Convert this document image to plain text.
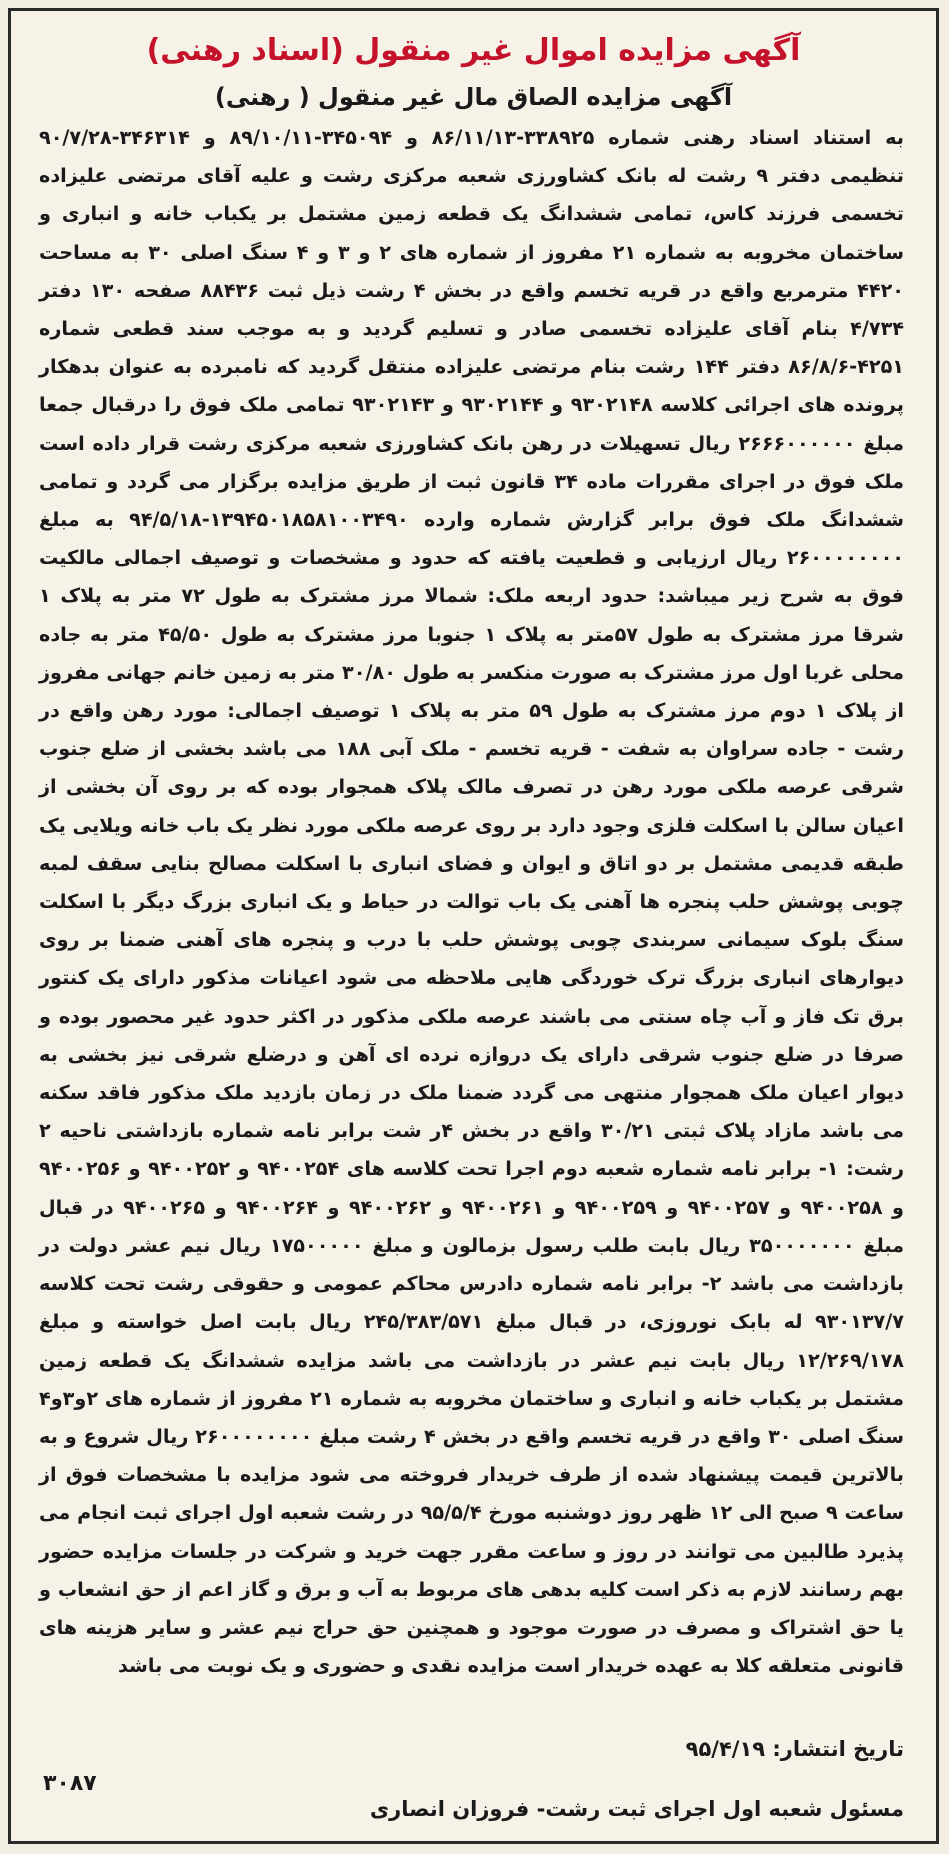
آگهی مزایده اموال غیر منقول (اسناد رهنی)
آگهی مزایده الصاق مال غیر منقول ( رهنی)
به استناد اسناد رهنی شماره ۳۳۸۹۲۵-۸۶/۱۱/۱۳ و ۳۴۵۰۹۴-۸۹/۱۰/۱۱ و ۳۴۶۳۱۴-۹۰/۷/۲۸ تنظیمی دفتر ۹ رشت له بانک کشاورزی شعبه مرکزی رشت و علیه آقای مرتضی علیزاده تخسمی فرزند کاس، تمامی ششدانگ یک قطعه زمین مشتمل بر یکباب خانه و انباری و ساختمان مخروبه به شماره ۲۱ مفروز از شماره های ۲ و ۳ و ۴ سنگ اصلی ۳۰ به مساحت ۴۴۲۰ مترمربع واقع در قریه تخسم واقع در بخش ۴ رشت ذیل ثبت ۸۸۴۳۶ صفحه ۱۳۰ دفتر ۴/۷۳۴ بنام آقای علیزاده تخسمی صادر و تسلیم گردید و به موجب سند قطعی شماره ۴۲۵۱-۸۶/۸/۶ دفتر ۱۴۴ رشت بنام مرتضی علیزاده منتقل گردید که نامبرده به عنوان بدهکار پرونده های اجرائی کلاسه ۹۳۰۲۱۴۸ و ۹۳۰۲۱۴۴ و ۹۳۰۲۱۴۳ تمامی ملک فوق را درقبال جمعا مبلغ ۲۶۶۶۰۰۰۰۰۰ ریال تسهیلات در رهن بانک کشاورزی شعبه مرکزی رشت قرار داده است ملک فوق در اجرای مقررات ماده ۳۴ قانون ثبت از طریق مزایده برگزار می گردد و تمامی ششدانگ ملک فوق برابر گزارش شماره وارده ۱۳۹۴۵۰۱۸۵۸۱۰۰۳۴۹۰-۹۴/۵/۱۸ به مبلغ ۲۶۰۰۰۰۰۰۰۰ ریال ارزیابی و قطعیت یافته که حدود و مشخصات و توصیف اجمالی مالکیت فوق به شرح زیر میباشد: حدود اربعه ملک: شمالا مرز مشترک به طول ۷۲ متر به پلاک ۱ شرقا مرز مشترک به طول ۵۷متر به پلاک ۱ جنوبا مرز مشترک به طول ۴۵/۵۰ متر به جاده محلی غربا اول مرز مشترک به صورت منکسر به طول ۳۰/۸۰ متر به زمین خانم جهانی مفروز از پلاک ۱ دوم مرز مشترک به طول ۵۹ متر به پلاک ۱ توصیف اجمالی: مورد رهن واقع در رشت - جاده سراوان به شفت - قریه تخسم - ملک آبی ۱۸۸ می باشد بخشی از ضلع جنوب شرقی عرصه ملکی مورد رهن در تصرف مالک پلاک همجوار بوده که بر روی آن بخشی از اعیان سالن با اسکلت فلزی وجود دارد بر روی عرصه ملکی مورد نظر یک باب خانه ویلایی یک طبقه قدیمی مشتمل بر دو اتاق و ایوان و فضای انباری با اسکلت مصالح بنایی سقف لمبه چوبی پوشش حلب پنجره ها آهنی یک باب توالت در حیاط و یک انباری بزرگ دیگر با اسکلت سنگ بلوک سیمانی سربندی چوبی پوشش حلب با درب و پنجره های آهنی ضمنا بر روی دیوارهای انباری بزرگ ترک خوردگی هایی ملاحظه می شود اعیانات مذکور دارای یک کنتور برق تک فاز و آب چاه سنتی می باشند عرصه ملکی مذکور در اکثر حدود غیر محصور بوده و صرفا در ضلع جنوب شرقی دارای یک دروازه نرده ای آهن و درضلع شرقی نیز بخشی به دیوار اعیان ملک همجوار منتهی می گردد ضمنا ملک در زمان بازدید ملک مذکور فاقد سکنه می باشد مازاد پلاک ثبتی ۳۰/۲۱ واقع در بخش ۴ر شت برابر نامه شماره بازداشتی ناحیه ۲ رشت: ۱- برابر نامه شماره شعبه دوم اجرا تحت کلاسه های ۹۴۰۰۲۵۴ و ۹۴۰۰۲۵۲ و ۹۴۰۰۲۵۶ و ۹۴۰۰۲۵۸ و ۹۴۰۰۲۵۷ و ۹۴۰۰۲۵۹ و ۹۴۰۰۲۶۱ و ۹۴۰۰۲۶۲ و ۹۴۰۰۲۶۴ و ۹۴۰۰۲۶۵ در قبال مبلغ ۳۵۰۰۰۰۰۰۰ ریال بابت طلب رسول بزمالون و مبلغ ۱۷۵۰۰۰۰۰ ریال نیم عشر دولت در بازداشت می باشد ۲- برابر نامه شماره دادرس محاکم عمومی و حقوقی رشت تحت کلاسه ۹۳۰۱۳۷/۷ له بابک نوروزی، در قبال مبلغ ۲۴۵/۳۸۳/۵۷۱ ریال بابت اصل خواسته و مبلغ ۱۲/۲۶۹/۱۷۸ ریال بابت نیم عشر در بازداشت می باشد مزایده ششدانگ یک قطعه زمین مشتمل بر یکباب خانه و انباری و ساختمان مخروبه به شماره ۲۱ مفروز از شماره های ۲و۳و۴ سنگ اصلی ۳۰ واقع در قریه تخسم واقع در بخش ۴ رشت مبلغ ۲۶۰۰۰۰۰۰۰۰ ریال شروع و به بالاترین قیمت پیشنهاد شده از طرف خریدار فروخته می شود مزایده با مشخصات فوق از ساعت ۹ صبح الی ۱۲ ظهر روز دوشنبه مورخ ۹۵/۵/۴ در رشت شعبه اول اجرای ثبت انجام می پذیرد طالبین می توانند در روز و ساعت مقرر جهت خرید و شرکت در جلسات مزایده حضور بهم رسانند لازم به ذکر است کلیه بدهی های مربوط به آب و برق و گاز اعم از حق انشعاب و یا حق اشتراک و مصرف در صورت موجود و همچنین حق حراج نیم عشر و سایر هزینه های قانونی متعلقه کلا به عهده خریدار است مزایده نقدی و حضوری و یک نوبت می باشد
تاریخ انتشار: ۹۵/۴/۱۹
۳۰۸۷
مسئول شعبه اول اجرای ثبت رشت- فروزان انصاری
